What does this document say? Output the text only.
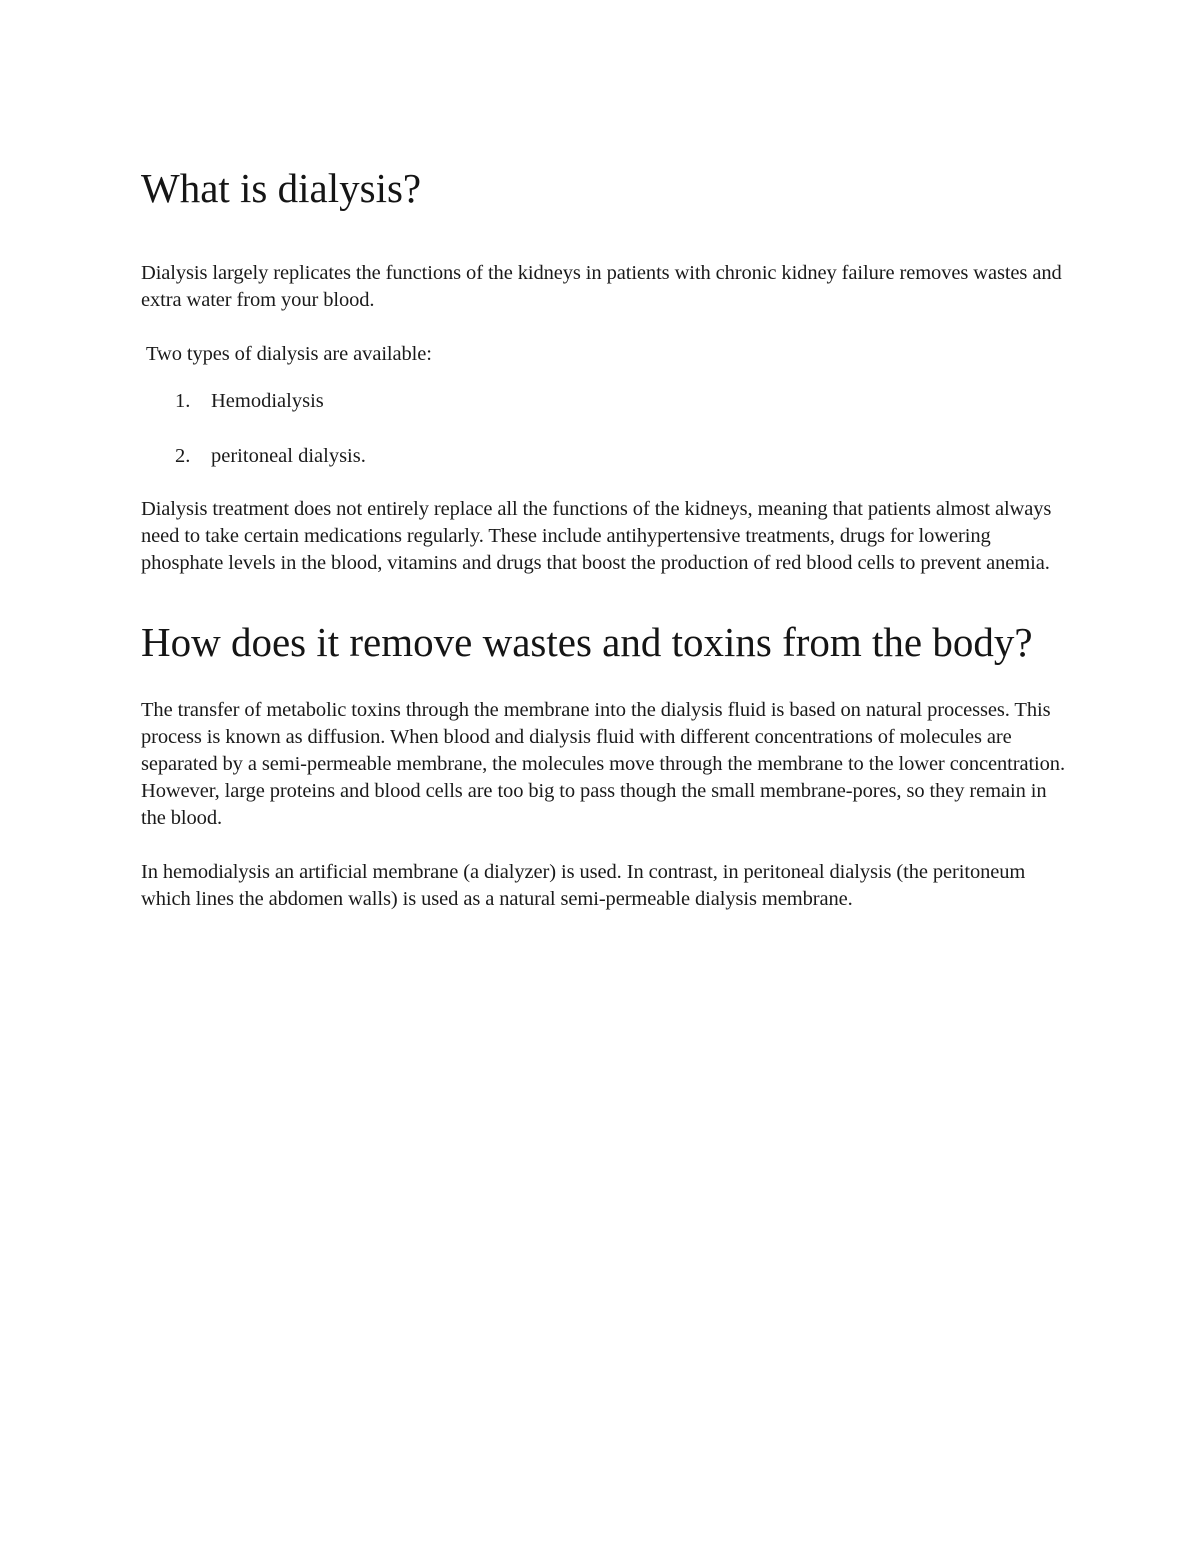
What is dialysis?

Dialysis largely replicates the functions of the kidneys in patients with chronic kidney failure removes wastes and extra water from your blood.

Two types of dialysis are available:

1. Hemodialysis
2. peritoneal dialysis.

Dialysis treatment does not entirely replace all the functions of the kidneys, meaning that patients almost always need to take certain medications regularly. These include antihypertensive treatments, drugs for lowering phosphate levels in the blood, vitamins and drugs that boost the production of red blood cells to prevent anemia.

How does it remove wastes and toxins from the body?

The transfer of metabolic toxins through the membrane into the dialysis fluid is based on natural processes. This process is known as diffusion. When blood and dialysis fluid with different concentrations of molecules are separated by a semi-permeable membrane, the molecules move through the membrane to the lower concentration. However, large proteins and blood cells are too big to pass though the small membrane-pores, so they remain in the blood.

In hemodialysis an artificial membrane (a dialyzer) is used. In contrast, in peritoneal dialysis (the peritoneum which lines the abdomen walls) is used as a natural semi-permeable dialysis membrane.
